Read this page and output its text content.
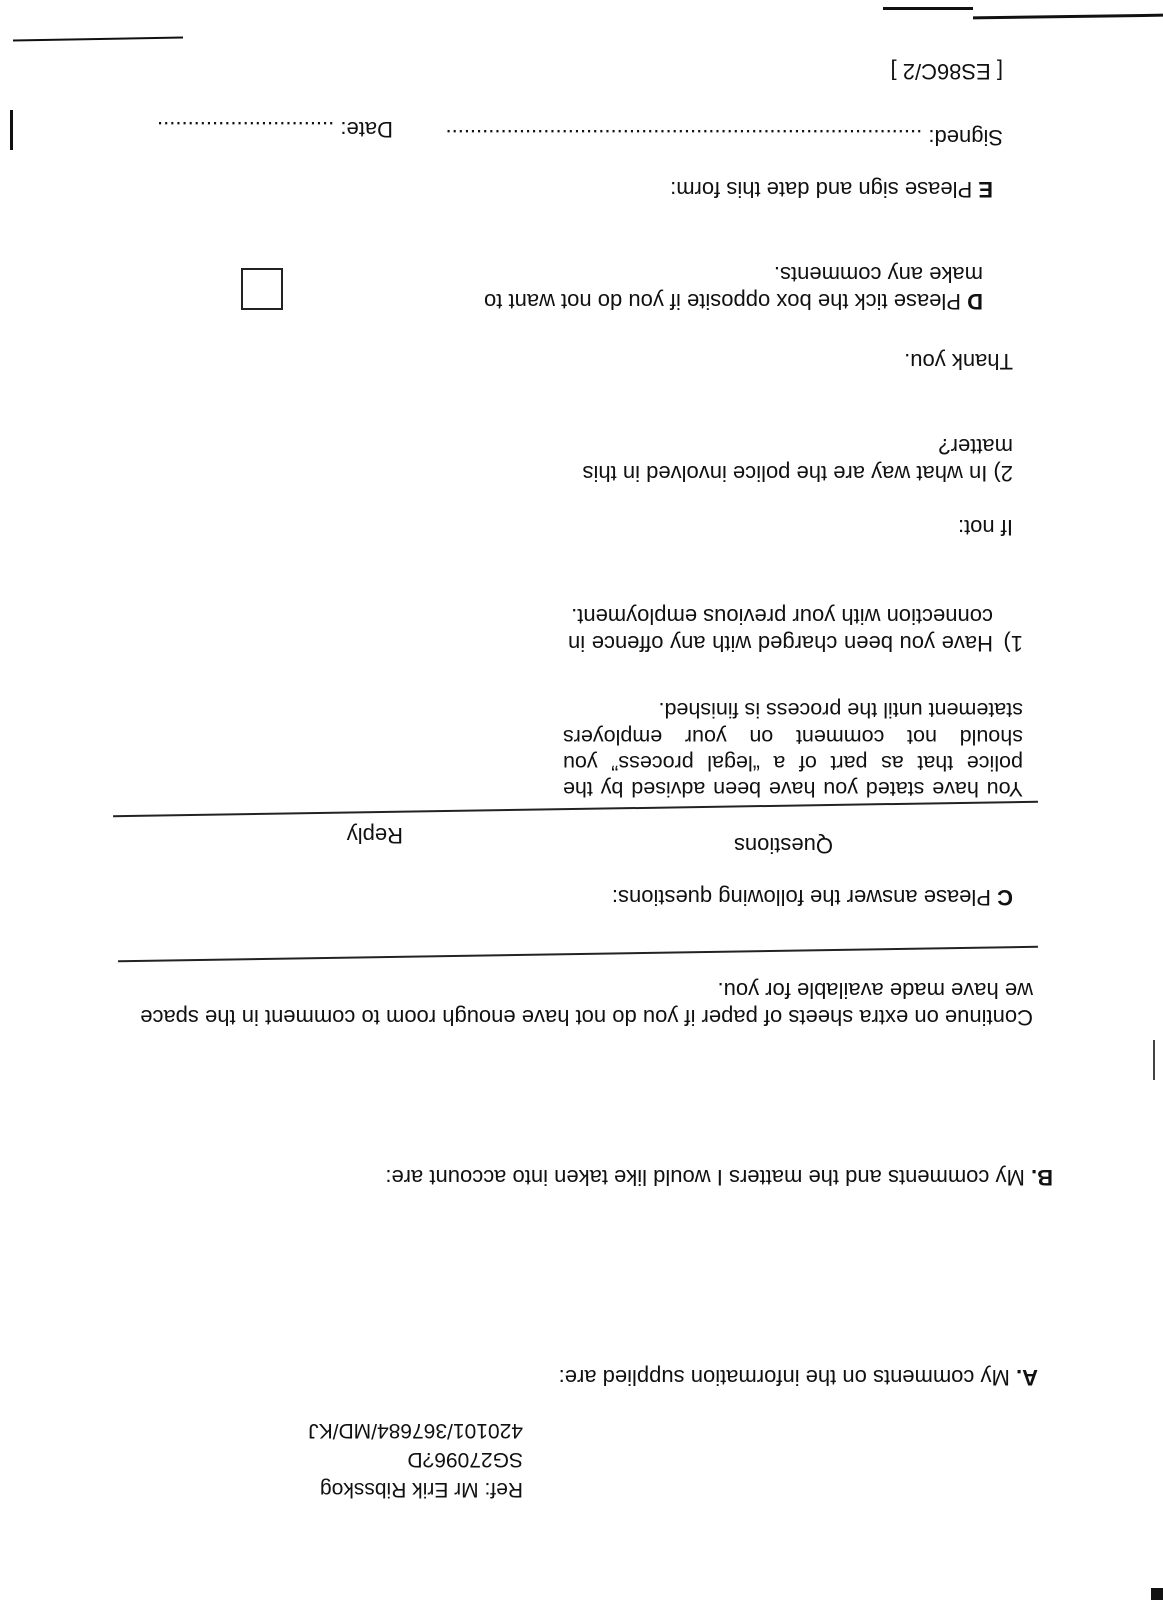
Ref: Mr Erik Ribsskog
SG27096?D
420101/367684/MD/KJ
A. My comments on the information supplied are:
B. My comments and the matters I would like taken into account are:
Continue on extra sheets of paper if you do not have enough room to comment in the space we have made available for you.
C Please answer the following questions:
Questions
Reply
You have stated you have been advised by the police that as part of a “legal process” you should not comment on your employers statement until the process is finished.
1)Have you been charged with any offence in connection with your previous employment.
If not:
2) In what way are the police involved in this matter?
Thank you.
D Please tick the box opposite if you do not want to make any comments.
E Please sign and date this form:
Signed: ..............................................................................
Date: .............................
[ ES86C/2 ]
